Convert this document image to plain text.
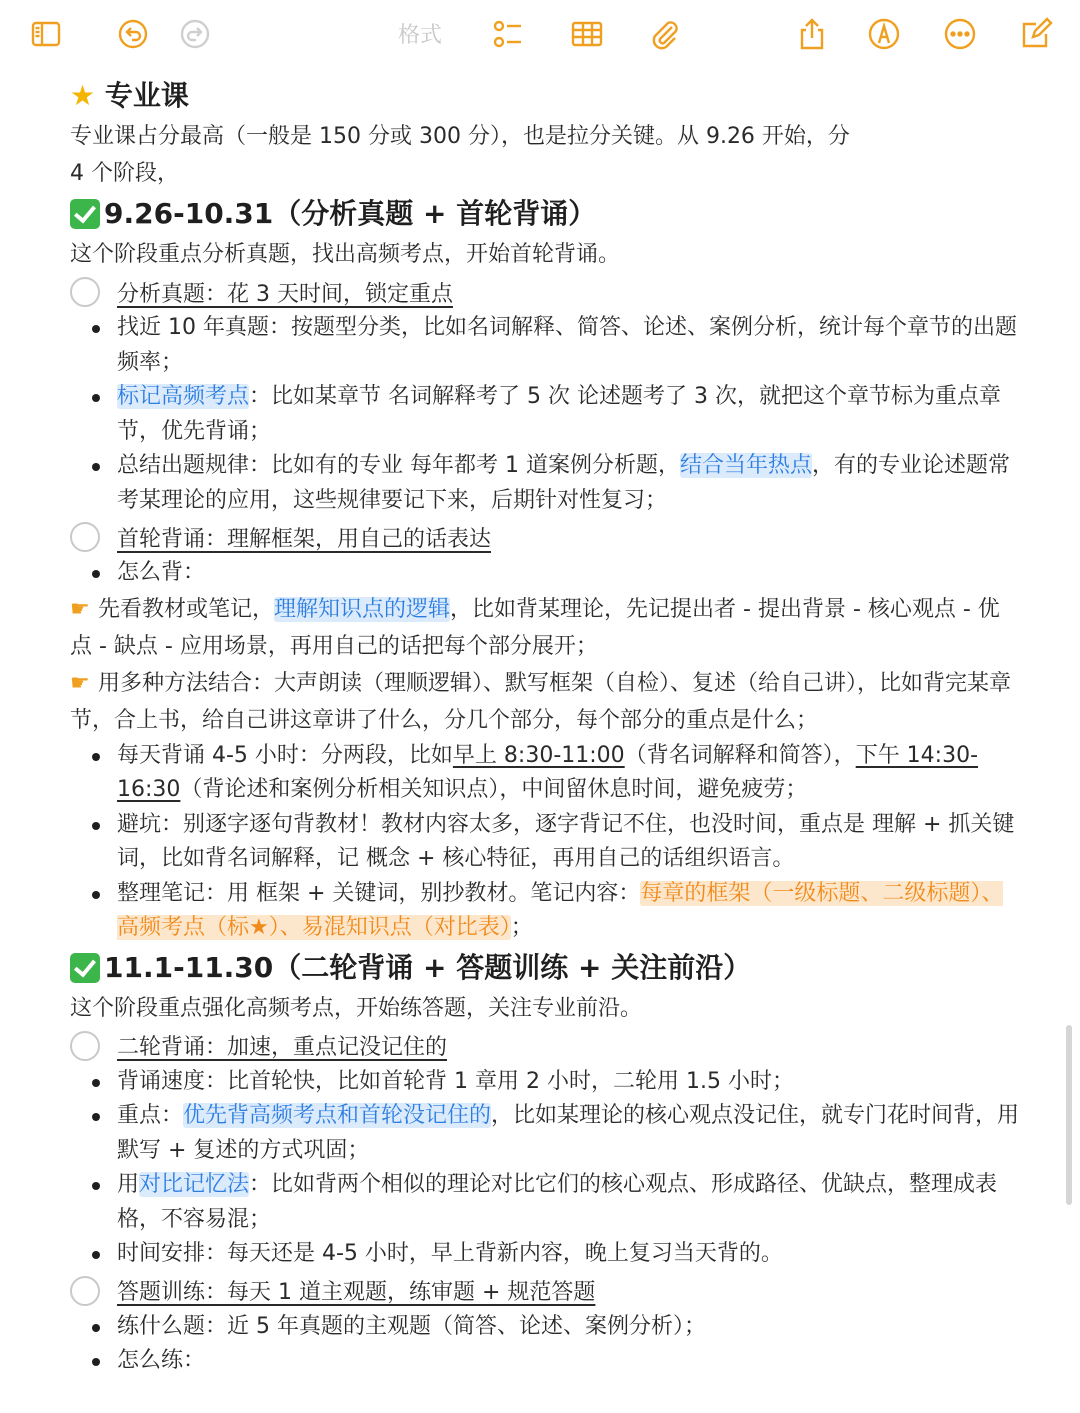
格式
★ 专业课
专业课占分最高（一般是 150 分或 300 分），也是拉分关键。从 9.26 开始，分
4 个阶段，
9.26-10.31 （分析真题 + 首轮背诵）
这个阶段重点分析真题，找出高频考点，开始首轮背诵。
分析真题：花 3 天时间，锁定重点
找近 10 年真题：按题型分类，比如名词解释、简答、论述、案例分析，统计每个章节的出题频率；
标记高频考点：比如某章节 名词解释考了 5 次 论述题考了 3 次，就把这个章节标为重点章节，优先背诵；
总结出题规律：比如有的专业 每年都考 1 道案例分析题，结合当年热点，有的专业论述题常考某理论的应用，这些规律要记下来，后期针对性复习；
首轮背诵：理解框架，用自己的话表达
怎么背：
☛ 先看教材或笔记，理解知识点的逻辑，比如背某理论，先记提出者 - 提出背景 - 核心观点 - 优点 - 缺点 - 应用场景，再用自己的话把每个部分展开；
☛ 用多种方法结合：大声朗读（理顺逻辑）、默写框架（自检）、复述（给自己讲），比如背完某章节，合上书，给自己讲这章讲了什么，分几个部分，每个部分的重点是什么；
每天背诵 4-5 小时：分两段，比如早上 8:30-11:00（背名词解释和简答），下午 14:30-16:30（背论述和案例分析相关知识点），中间留休息时间，避免疲劳；
避坑：别逐字逐句背教材！教材内容太多，逐字背记不住，也没时间，重点是 理解 + 抓关键词，比如背名词解释，记 概念 + 核心特征，再用自己的话组织语言。
整理笔记：用 框架 + 关键词，别抄教材。笔记内容：每章的框架（一级标题、二级标题）、高频考点（标★）、易混知识点（对比表）；
11.1-11.30 （二轮背诵 + 答题训练 + 关注前沿）
这个阶段重点强化高频考点，开始练答题，关注专业前沿。
二轮背诵：加速，重点记没记住的
背诵速度：比首轮快，比如首轮背 1 章用 2 小时，二轮用 1.5 小时；
重点：优先背高频考点和首轮没记住的，比如某理论的核心观点没记住，就专门花时间背，用默写 + 复述的方式巩固；
用对比记忆法：比如背两个相似的理论对比它们的核心观点、形成路径、优缺点，整理成表格，不容易混；
时间安排：每天还是 4-5 小时，早上背新内容，晚上复习当天背的。
答题训练：每天 1 道主观题，练审题 + 规范答题
练什么题：近 5 年真题的主观题（简答、论述、案例分析）；
怎么练：
